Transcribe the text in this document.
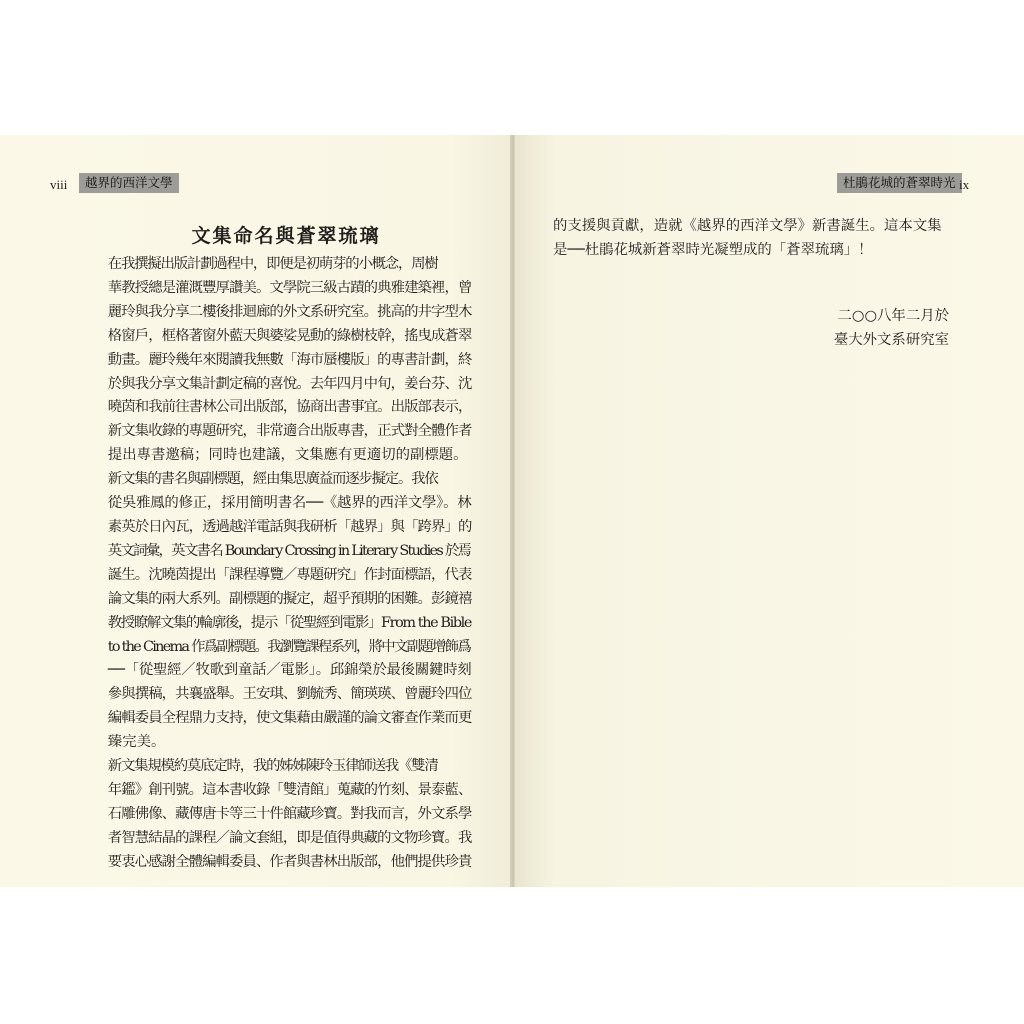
viii	越界的西洋文學
文集命名與蒼翠琉璃

在我撰擬出版計劃過程中，即便是初萌芽的小概念，周樹
華教授總是灌溉豐厚讚美。文學院三級古蹟的典雅建築裡，曾
麗玲與我分享二樓後排迴廊的外文系研究室。挑高的井字型木
格窗戶，框格著窗外藍天與婆娑晃動的綠樹枝幹，搖曳成蒼翠
動畫。麗玲幾年來閱讀我無數「海市蜃樓版」的專書計劃，終
於與我分享文集計劃定稿的喜悅。去年四月中旬，姜台芬、沈
曉茵和我前往書林公司出版部，協商出書事宜。出版部表示，
新文集收錄的專題研究，非常適合出版專書，正式對全體作者
提出專書邀稿；同時也建議，文集應有更適切的副標題。

新文集的書名與副標題，經由集思廣益而逐步擬定。我依
從吳雅鳳的修正，採用簡明書名──《越界的西洋文學》。林
素英於日內瓦，透過越洋電話與我研析「越界」與「跨界」的
英文詞彙，英文書名 Boundary Crossing in Literary Studies 於焉
誕生。沈曉茵提出「課程導覽／專題研究」作封面標語，代表
論文集的兩大系列。副標題的擬定，超乎預期的困難。彭鏡禧
教授瞭解文集的輪廓後，提示「從聖經到電影」From the Bible
to the Cinema 作爲副標題。我瀏覽課程系列，將中文副題增飾爲
──「從聖經／牧歌到童話／電影」。邱錦榮於最後關鍵時刻
參與撰稿，共襄盛舉。王安琪、劉毓秀、簡瑛瑛、曾麗玲四位
編輯委員全程鼎力支持，使文集藉由嚴謹的論文審查作業而更
臻完美。

新文集規模約莫底定時，我的姊姊陳玲玉律師送我《雙清
年鑑》創刊號。這本書收錄「雙清館」蒐藏的竹刻、景泰藍、
石雕佛像、藏傳唐卡等三十件館藏珍寶。對我而言，外文系學
者智慧結晶的課程／論文套組，即是值得典藏的文物珍寶。我
要衷心感謝全體編輯委員、作者與書林出版部，他們提供珍貴

杜鵑花城的蒼翠時光 ix

的支援與貢獻，造就《越界的西洋文學》新書誕生。這本文集
是──杜鵑花城新蒼翠時光凝塑成的「蒼翠琉璃」！

二○○八年二月於
臺大外文系研究室
